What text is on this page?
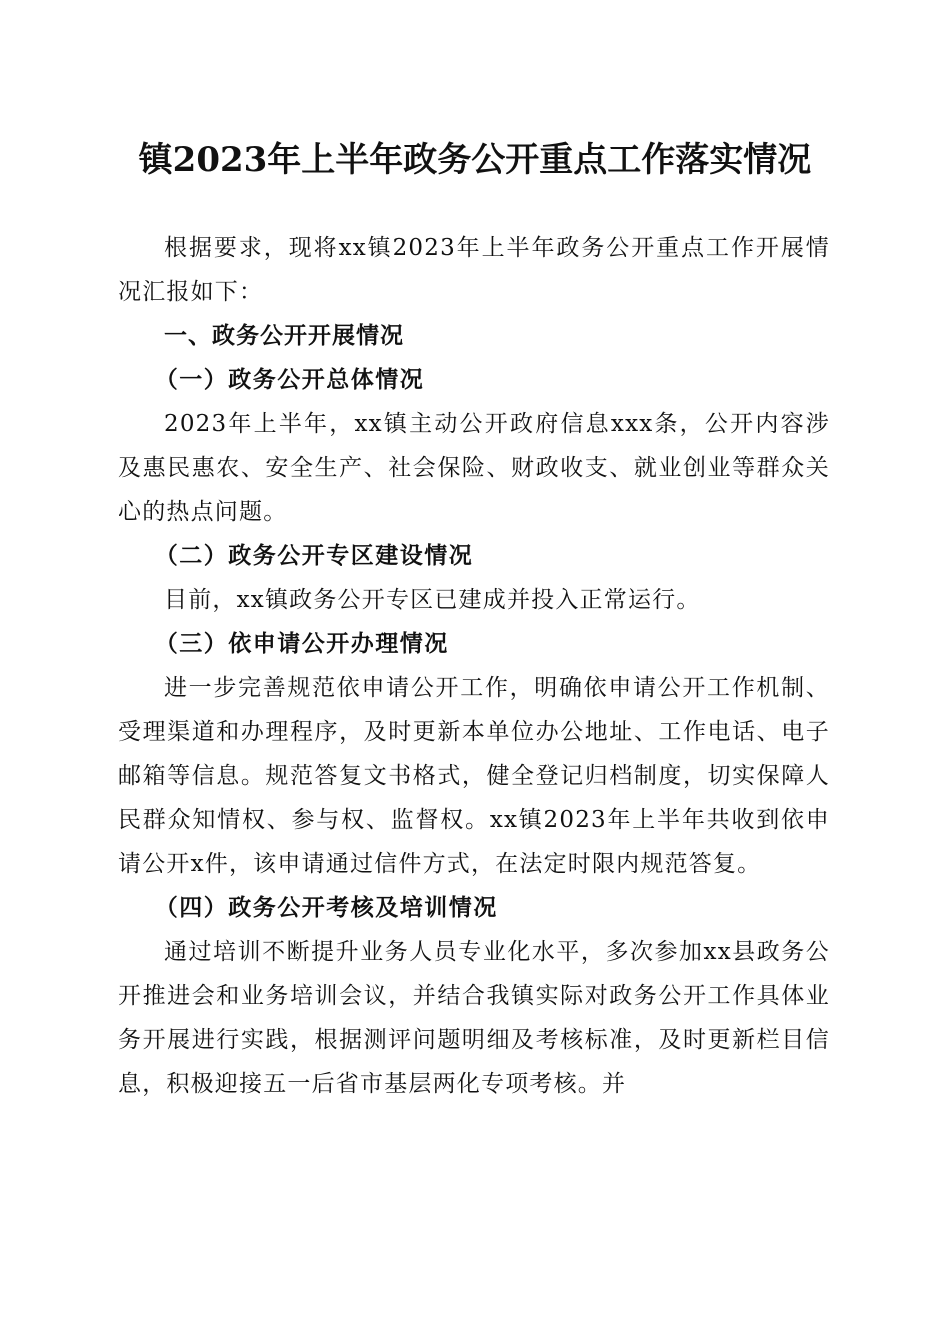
镇2023年上半年政务公开重点工作落实情况

根据要求，现将xx镇2023年上半年政务公开重点工作开展情况汇报如下：

一、政务公开开展情况

（一）政务公开总体情况

2023年上半年，xx镇主动公开政府信息xxx条，公开内容涉及惠民惠农、安全生产、社会保险、财政收支、就业创业等群众关心的热点问题。

（二）政务公开专区建设情况

目前，xx镇政务公开专区已建成并投入正常运行。

（三）依申请公开办理情况

进一步完善规范依申请公开工作，明确依申请公开工作机制、受理渠道和办理程序，及时更新本单位办公地址、工作电话、电子邮箱等信息。规范答复文书格式，健全登记归档制度，切实保障人民群众知情权、参与权、监督权。xx镇2023年上半年共收到依申请公开x件，该申请通过信件方式，在法定时限内规范答复。

（四）政务公开考核及培训情况

通过培训不断提升业务人员专业化水平，多次参加xx县政务公开推进会和业务培训会议，并结合我镇实际对政务公开工作具体业务开展进行实践，根据测评问题明细及考核标准，及时更新栏目信息，积极迎接五一后省市基层两化专项考核。并
